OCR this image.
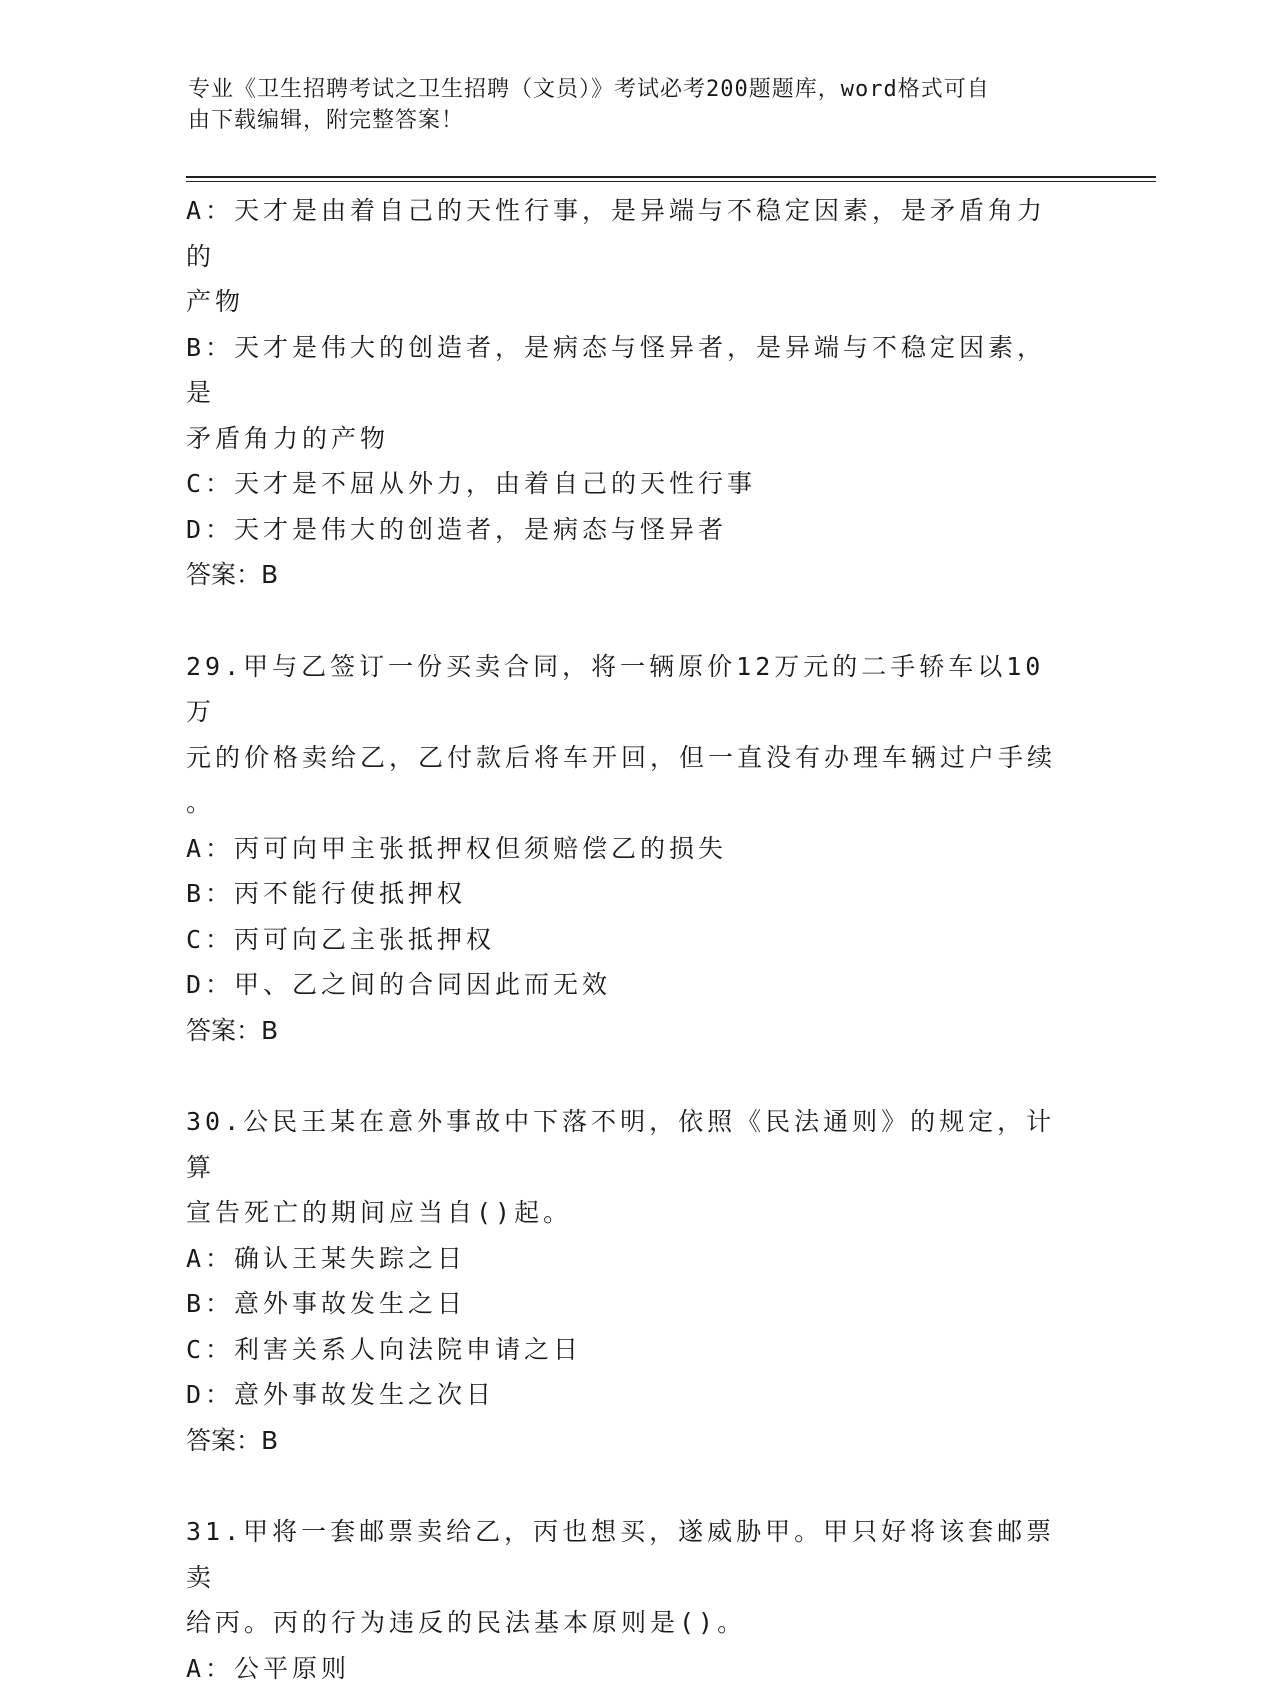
专业《卫生招聘考试之卫生招聘（文员）》考试必考200题题库，word格式可自
由下载编辑，附完整答案！
A：天才是由着自己的天性行事，是异端与不稳定因素，是矛盾角力的
产物
B：天才是伟大的创造者，是病态与怪异者，是异端与不稳定因素，是
矛盾角力的产物
C：天才是不屈从外力，由着自己的天性行事
D：天才是伟大的创造者，是病态与怪异者
答案：B
29.甲与乙签订一份买卖合同，将一辆原价12万元的二手轿车以10万
元的价格卖给乙，乙付款后将车开回，但一直没有办理车辆过户手续
。
A：丙可向甲主张抵押权但须赔偿乙的损失
B：丙不能行使抵押权
C：丙可向乙主张抵押权
D：甲、乙之间的合同因此而无效
答案：B
30.公民王某在意外事故中下落不明，依照《民法通则》的规定，计算
宣告死亡的期间应当自()起。
A：确认王某失踪之日
B：意外事故发生之日
C：利害关系人向法院申请之日
D：意外事故发生之次日
答案：B
31.甲将一套邮票卖给乙，丙也想买，遂威胁甲。甲只好将该套邮票卖
给丙。丙的行为违反的民法基本原则是()。
A：公平原则
